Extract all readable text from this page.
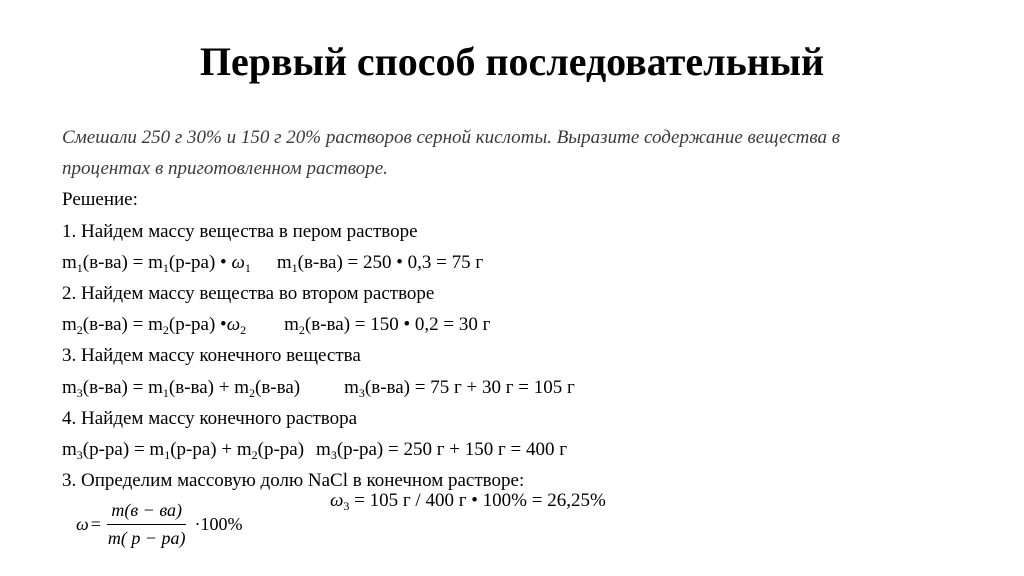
Первый способ последовательный
Смешали 250 г 30% и 150 г 20% растворов серной кислоты. Выразите содержание вещества в
процентах в приготовленном растворе.
Решение:
1. Найдем массу вещества в пером растворе
$m_1(в-ва) = m_1(р-ра)$ • $\omega_1$ $m_1(в-ва) = 250$ • 0,3 = 75 г
2. Найдем массу вещества во втором растворе
$m_2(в-ва) = m_2(р-ра)$ $•\omega_2$ $m_2(в-ва) = 150$ • 0,2 = 30 г
3. Найдем массу конечного вещества
$m_3(в-ва) = m_1(в-ва) + m_2(в-ва) m_3(в-ва) = 75$ г + 30 г = 105 г
4. Найдем массу конечного раствора
$m_3(р-ра) = m_1(р-ра) + m_2(р-ра) m_3(р-ра) = 250$ г + 150 г = 400 г
3. Определим массовую долю NaCl в конечном растворе:
$\omega = \frac{m(в - ва)}{m( p - pa)} \cdot 100\%$
$\omega_3 = 105$ г / 400 г • 100% = 26,25%
